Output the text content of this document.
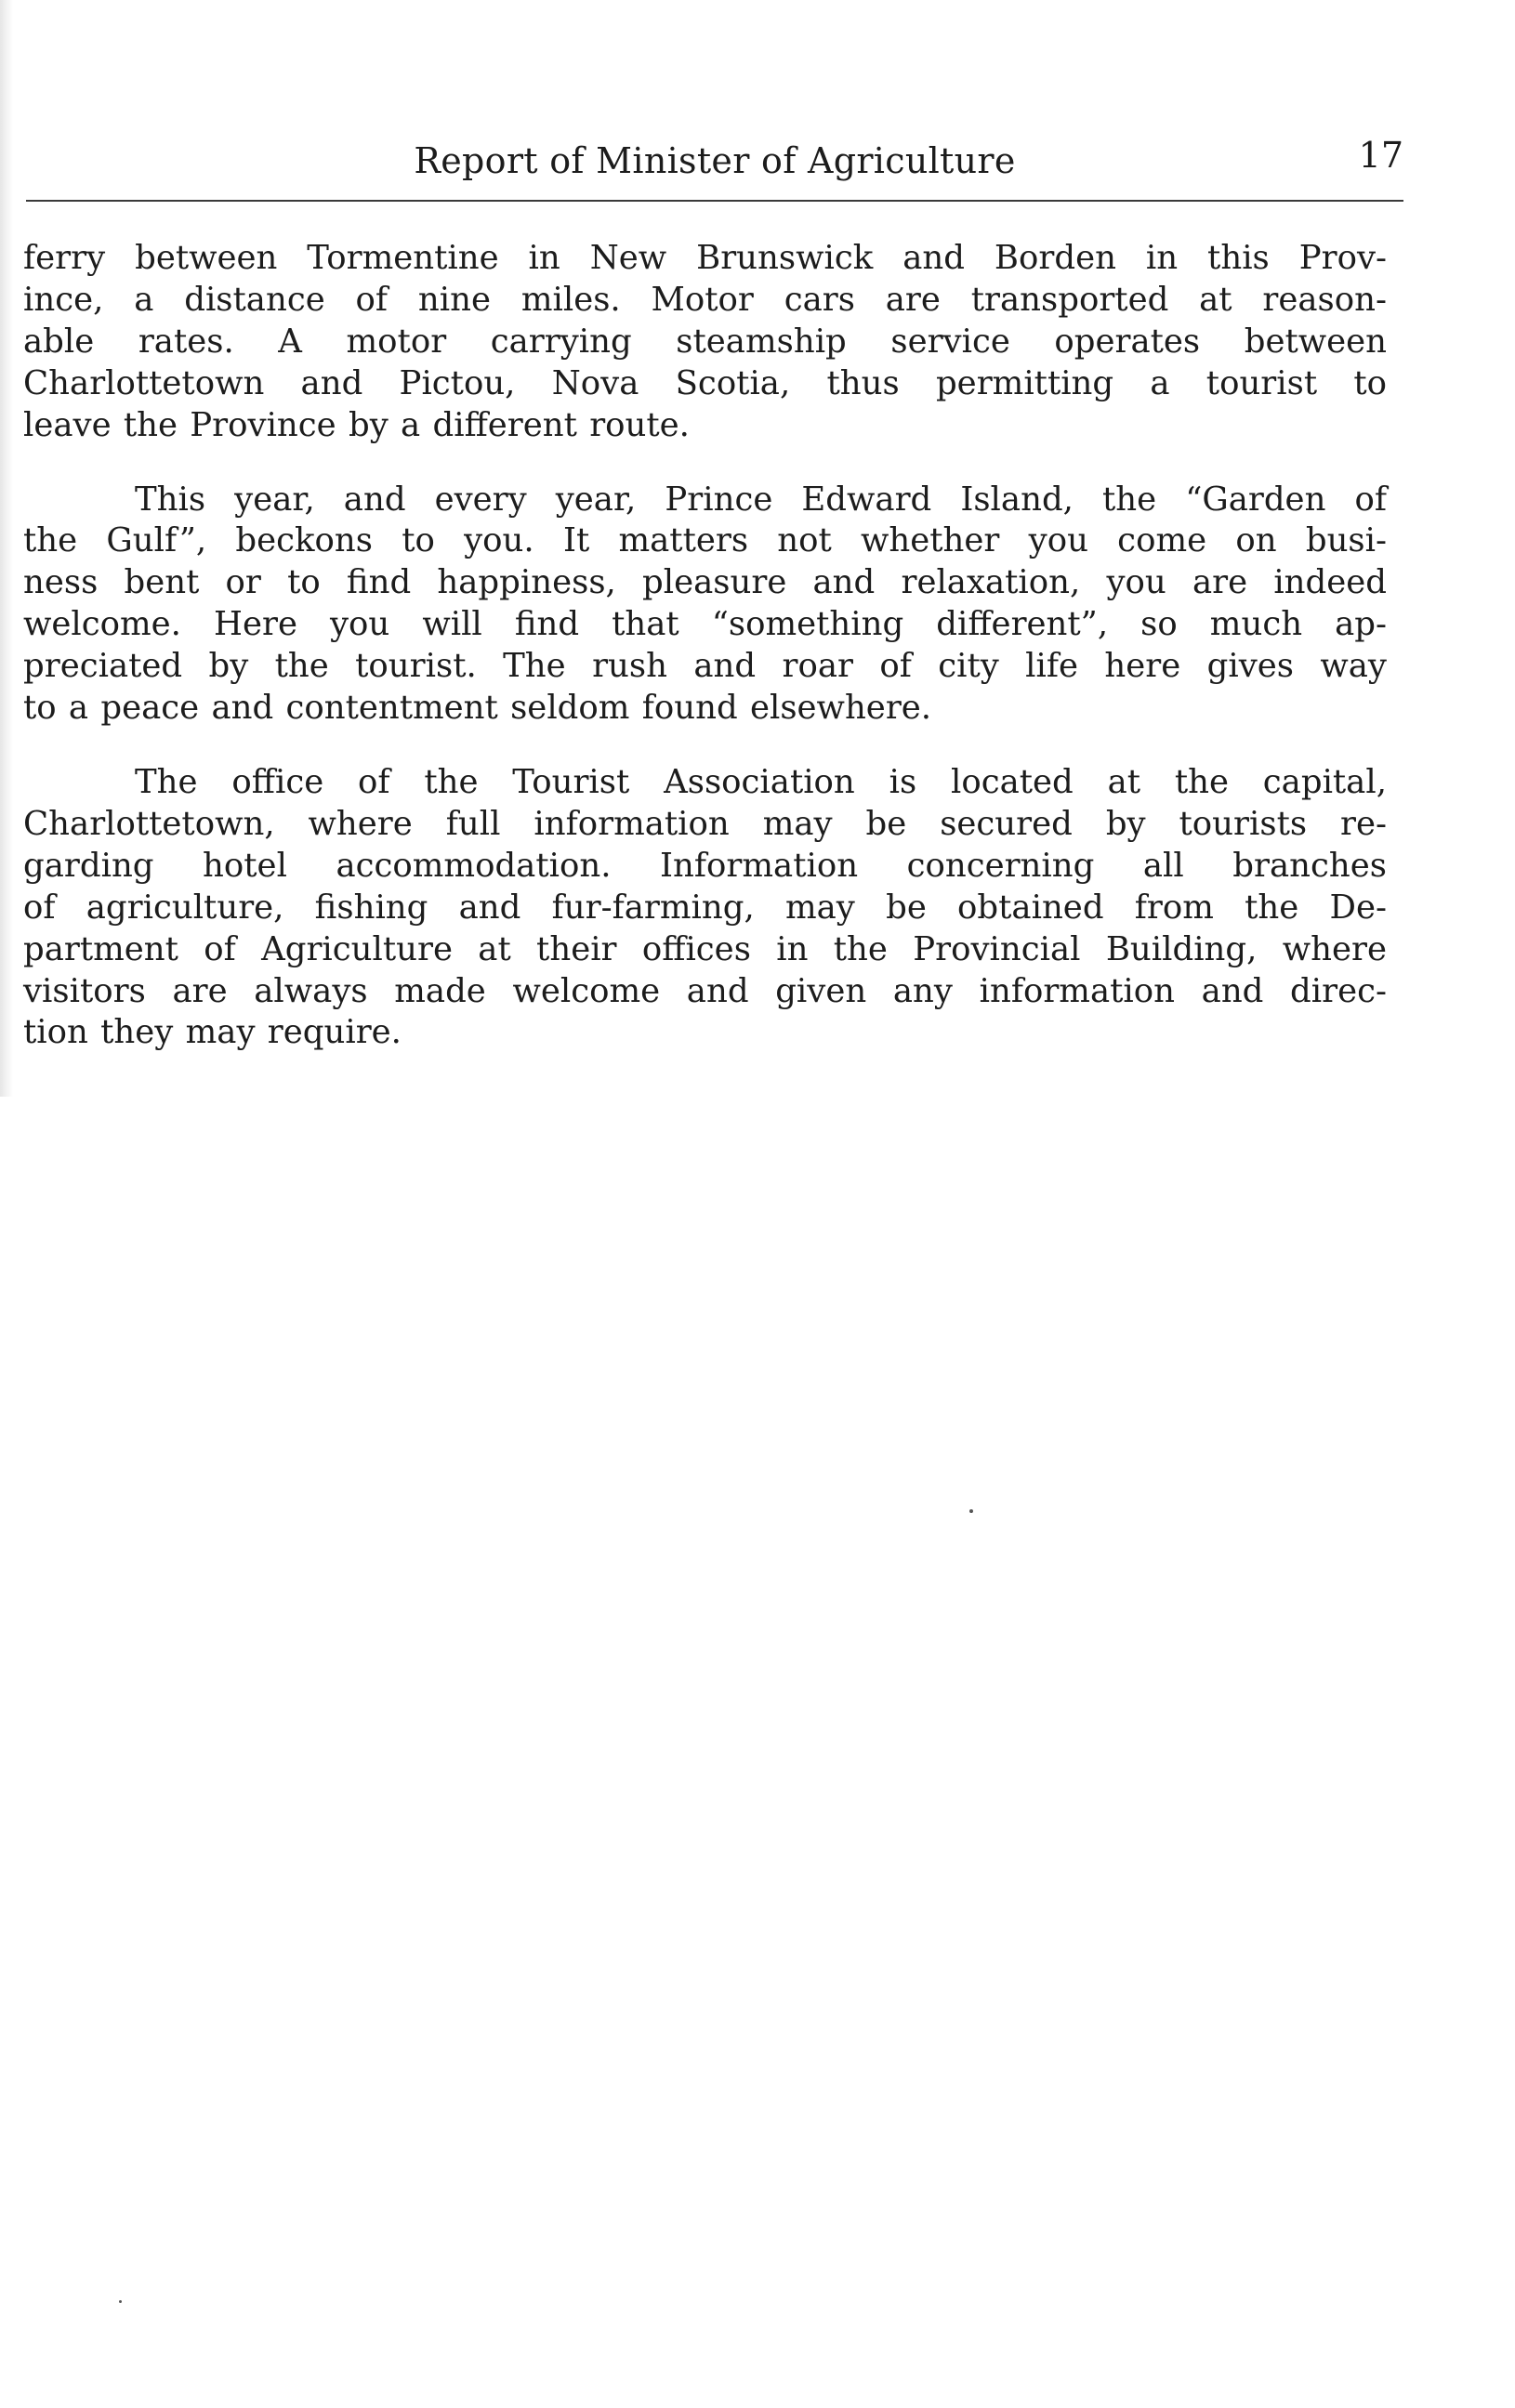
Report of Minister of Agriculture	17

ferry between Tormentine in New Brunswick and Borden in this Prov-
ince, a distance of nine miles. Motor cars are transported at reason-
able rates. A motor carrying steamship service operates between
Charlottetown and Pictou, Nova Scotia, thus permitting a tourist to
leave the Province by a different route.

This year, and every year, Prince Edward Island, the “Garden of
the Gulf”, beckons to you. It matters not whether you come on busi-
ness bent or to find happiness, pleasure and relaxation, you are indeed
welcome. Here you will find that “something different”, so much ap-
preciated by the tourist. The rush and roar of city life here gives way
to a peace and contentment seldom found elsewhere.

The office of the Tourist Association is located at the capital,
Charlottetown, where full information may be secured by tourists re-
garding hotel accommodation. Information concerning all branches
of agriculture, fishing and fur-farming, may be obtained from the De-
partment of Agriculture at their offices in the Provincial Building, where
visitors are always made welcome and given any information and direc-
tion they may require.
